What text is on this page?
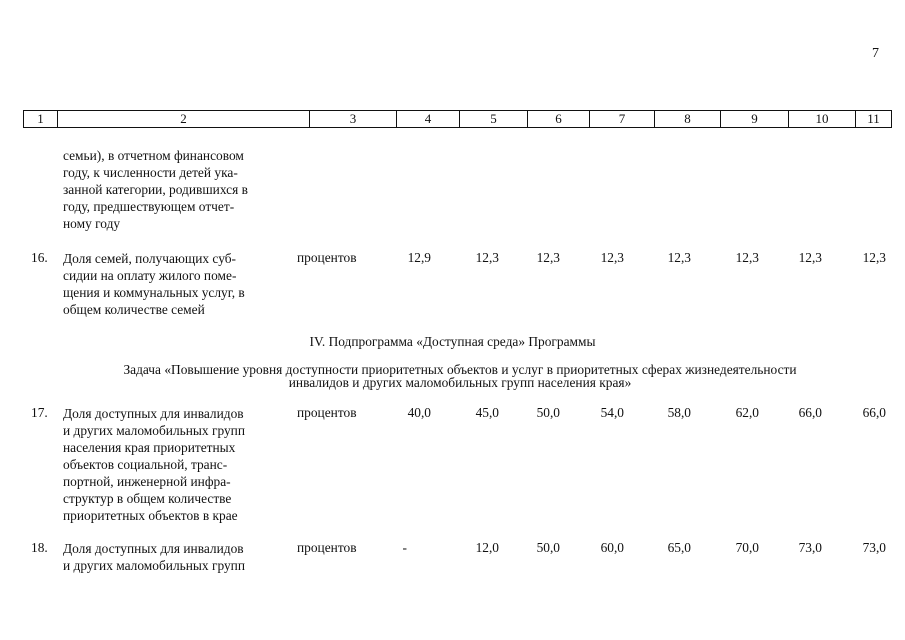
7
1	2	3	4	5	6	7	8	9	10	11
семьи), в отчетном финансовом
году, к численности детей ука-
занной категории, родившихся в
году, предшествующем отчет-
ному году
16.	Доля семей, получающих суб-
сидии на оплату жилого поме-
щения и коммунальных услуг, в
общем количестве семей
процентов	12,9	12,3	12,3	12,3	12,3	12,3	12,3	12,3
IV. Подпрограмма «Доступная среда» Программы
Задача «Повышение уровня доступности приоритетных объектов и услуг в приоритетных сферах жизнедеятельности
инвалидов и других маломобильных групп населения края»
17.	Доля доступных для инвалидов
и других маломобильных групп
населения края приоритетных
объектов социальной, транс-
портной, инженерной инфра-
структур в общем количестве
приоритетных объектов в крае
процентов	40,0	45,0	50,0	54,0	58,0	62,0	66,0	66,0
18.	Доля доступных для инвалидов
и других маломобильных групп
процентов	-	12,0	50,0	60,0	65,0	70,0	73,0	73,0
